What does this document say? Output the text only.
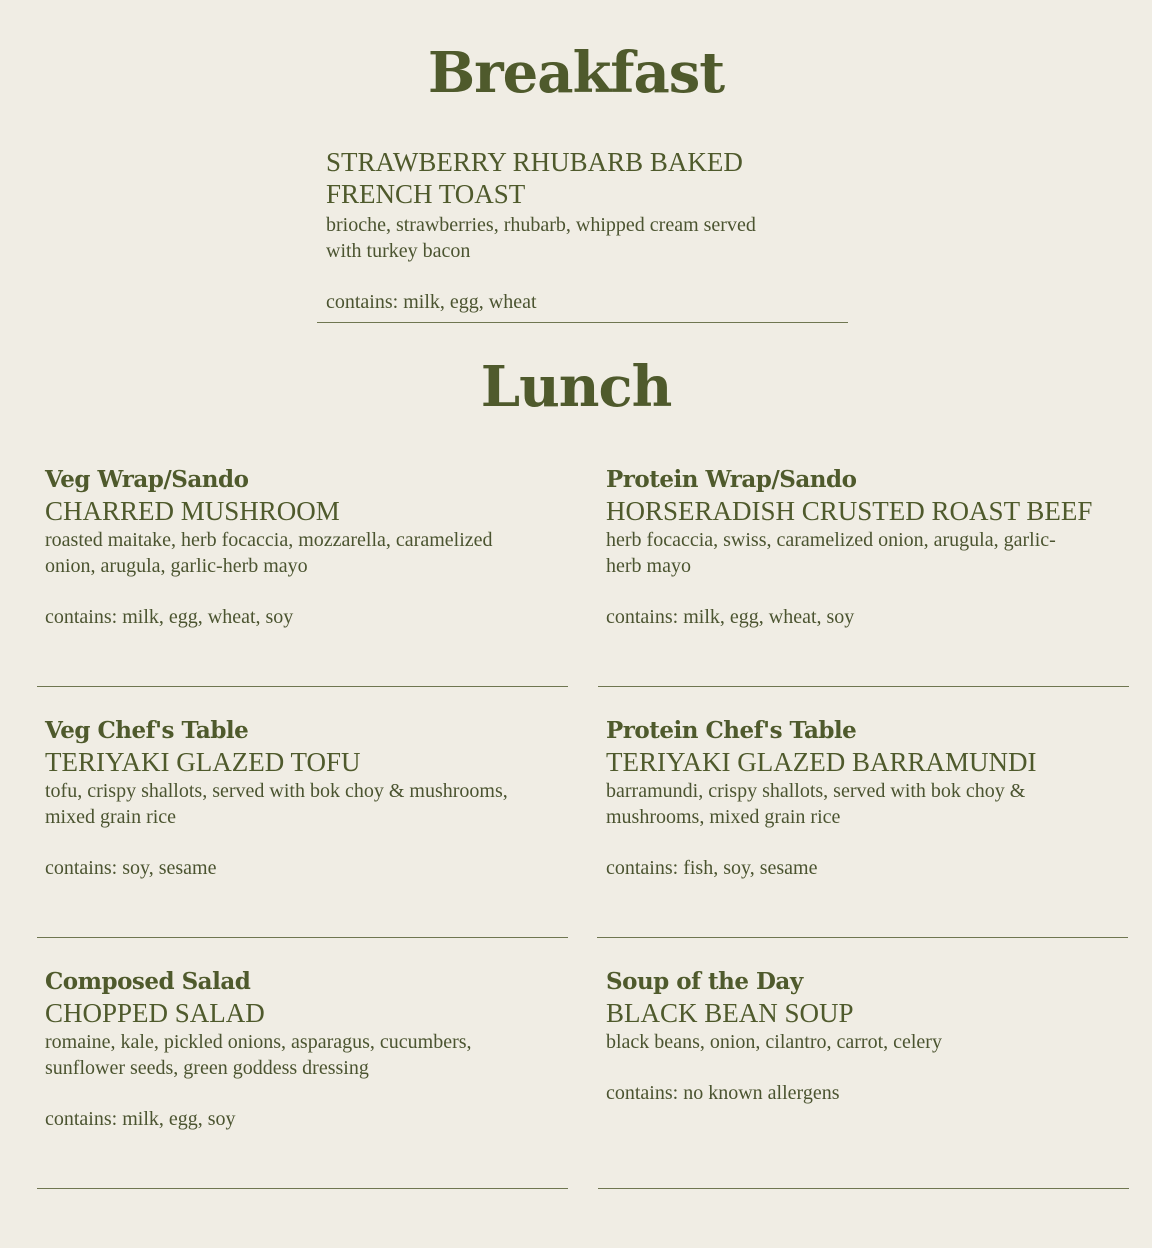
Breakfast

STRAWBERRY RHUBARB BAKED

FRENCH TOAST

brioche, strawberries, rhubarb, whipped cream served

with turkey bacon

contains: milk, egg, wheat

Lunch

Veg Wrap/Sando

CHARRED MUSHROOM

roasted maitake, herb focaccia, mozzarella, caramelized

onion, arugula, garlic-herb mayo

contains: milk, egg, wheat, soy

Protein Wrap/Sando

HORSERADISH CRUSTED ROAST BEEF

herb focaccia, swiss, caramelized onion, arugula, garlic-

herb mayo

contains: milk, egg, wheat, soy

Veg Chef's Table

TERIYAKI GLAZED TOFU

tofu, crispy shallots, served with bok choy & mushrooms,

mixed grain rice

contains: soy, sesame

Protein Chef's Table

TERIYAKI GLAZED BARRAMUNDI

barramundi, crispy shallots, served with bok choy &

mushrooms, mixed grain rice

contains: fish, soy, sesame

Composed Salad

CHOPPED SALAD

romaine, kale, pickled onions, asparagus, cucumbers,

sunflower seeds, green goddess dressing

contains: milk, egg, soy

Soup of the Day

BLACK BEAN SOUP

black beans, onion, cilantro, carrot, celery

contains: no known allergens
